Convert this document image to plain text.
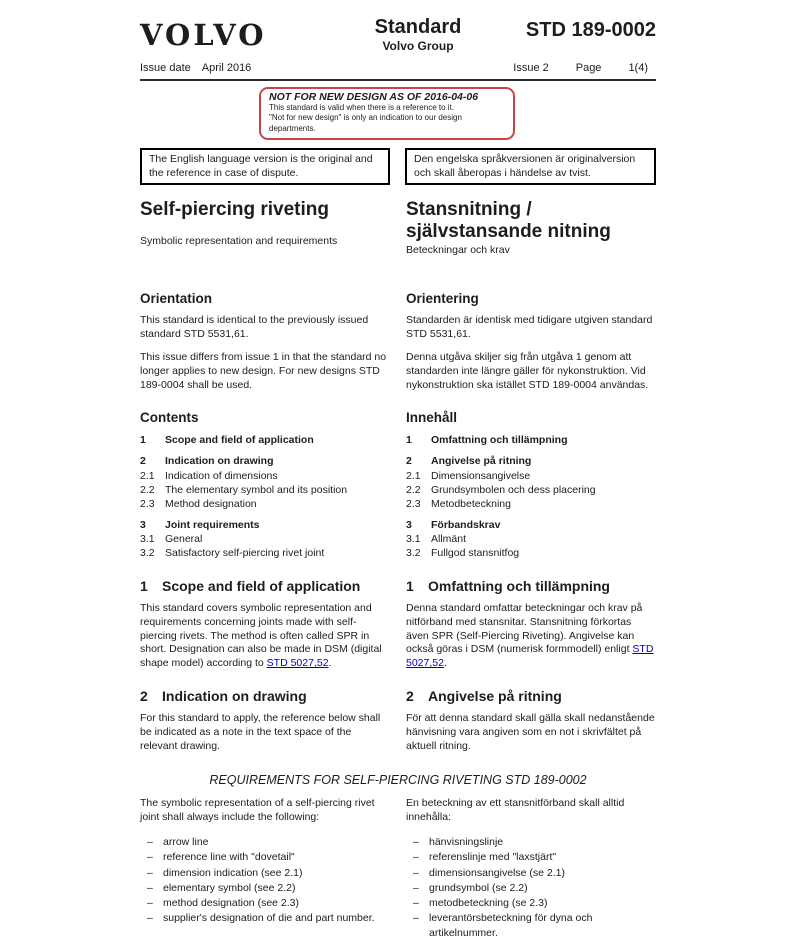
VOLVO	Standard
Volvo Group
STD 189-0002
Issue date April 2016	Issue 2 Page 1(4)
NOT FOR NEW DESIGN AS OF 2016-04-06
This standard is valid when there is a reference to it.
"Not for new design" is only an indication to our design departments.
The English language version is the original and the reference in case of dispute.
Den engelska språkversionen är originalversion och skall åberopas i händelse av tvist.
Self-piercing riveting
Symbolic representation and requirements
Orientation

This standard is identical to the previously issued standard STD 5531,61.

This issue differs from issue 1 in that the standard no longer applies to new design. For new designs STD 189-0004 shall be used.

Contents
1	Scope and field of application
2	Indication on drawing
2.1 Indication of dimensions
2.2 The elementary symbol and its position
2.3 Method designation
3	Joint requirements
3.1 General
3.2 Satisfactory self-piercing rivet joint
1	Scope and field of application

This standard covers symbolic representation and requirements concerning joints made with self-piercing rivets. The method is often called SPR in short. Designation can also be made in DSM (digital shape model) according to STD 5027,52.

2	Indication on drawing

For this standard to apply, the reference below shall be indicated as a note in the text space of the relevant drawing.

Stansnitning / självstansande nitning
Beteckningar och krav
Orientering

Standarden är identisk med tidigare utgiven standard STD 5531,61.

Denna utgåva skiljer sig från utgåva 1 genom att standarden inte längre gäller för nykonstruktion. Vid nykonstruktion ska istället STD 189-0004 användas.

Innehåll
1	Omfattning och tillämpning
2	Angivelse på ritning
2.1 Dimensionsangivelse
2.2 Grundsymbolen och dess placering
2.3 Metodbeteckning
3	Förbandskrav
3.1 Allmänt
3.2 Fullgod stansnitfog
1	Omfattning och tillämpning

Denna standard omfattar beteckningar och krav på nitförband med stansnitar. Stansnitning förkortas även SPR (Self-Piercing Riveting). Angivelse kan också göras i DSM (numerisk formmodell) enligt STD 5027,52.

2	Angivelse på ritning

För att denna standard skall gälla skall nedanstående hänvisning vara angiven som en not i skrivfältet på aktuell ritning.

REQUIREMENTS FOR SELF-PIERCING RIVETING STD 189-0002

The symbolic representation of a self-piercing rivet joint shall always include the following:

– arrow line
– reference line with "dovetail"
– dimension indication (see 2.1)
– elementary symbol (see 2.2)
– method designation (see 2.3)
– supplier's designation of die and part number.

En beteckning av ett stansnitförband skall alltid innehålla:

– hänvisningslinje
– referenslinje med "laxstjärt"
– dimensionsangivelse (se 2.1)
– grundsymbol (se 2.2)
– metodbeteckning (se 2.3)
– leverantörsbeteckning för dyna och artikelnummer.
